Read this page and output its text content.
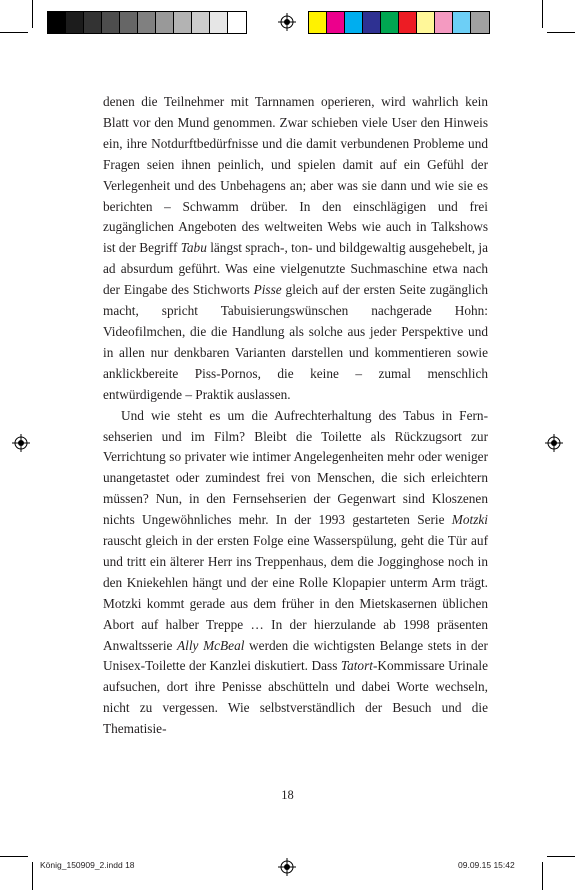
denen die Teilnehmer mit Tarnnamen operieren, wird wahrlich kein Blatt vor den Mund genommen. Zwar schieben viele User den Hinweis ein, ihre Notdurftbedürfnisse und die damit verbundenen Probleme und Fragen seien ihnen peinlich, und spielen damit auf ein Gefühl der Verlegenheit und des Unbehagens an; aber was sie dann und wie sie es berichten – Schwamm drüber. In den einschlägigen und frei zugänglichen Angeboten des weltweiten Webs wie auch in Talkshows ist der Begriff Tabu längst sprach-, ton- und bildgewaltig ausgehebelt, ja ad absurdum geführt. Was eine vielgenutzte Suchmaschine etwa nach der Eingabe des Stichworts Pisse gleich auf der ersten Seite zugänglich macht, spricht Tabuisierungswünschen nachgerade Hohn: Videofilmchen, die die Handlung als solche aus jeder Perspektive und in allen nur denkbaren Varianten darstellen und kommentieren sowie anklickbereite Piss-Pornos, die keine – zumal menschlich entwürdigende – Praktik auslassen.

Und wie steht es um die Aufrechterhaltung des Tabus in Fernsehserien und im Film? Bleibt die Toilette als Rückzugsort zur Verrichtung so privater wie intimer Angelegenheiten mehr oder weniger unangetastet oder zumindest frei von Menschen, die sich erleichtern müssen? Nun, in den Fernsehserien der Gegenwart sind Kloszenen nichts Ungewöhnliches mehr. In der 1993 gestarteten Serie Motzki rauscht gleich in der ersten Folge eine Wasserspülung, geht die Tür auf und tritt ein älterer Herr ins Treppenhaus, dem die Jogginghose noch in den Kniekehlen hängt und der eine Rolle Klopapier unterm Arm trägt. Motzki kommt gerade aus dem früher in den Mietskasernen üblichen Abort auf halber Treppe … In der hierzulande ab 1998 präsenten Anwaltsserie Ally McBeal werden die wichtigsten Belange stets in der Unisex-Toilette der Kanzlei diskutiert. Dass Tatort-Kommissare Urinale aufsuchen, dort ihre Penisse abschütteln und dabei Worte wechseln, nicht zu vergessen. Wie selbstverständlich der Besuch und die Thematisie-

18
König_150909_2.indd 18	09.09.15 15:42
